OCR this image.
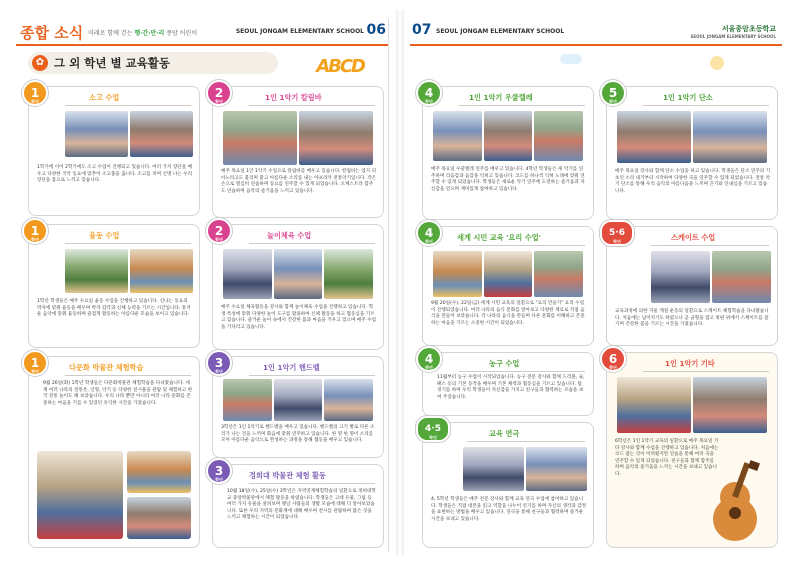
종합 소식 미래로 함께 걷는 행·간·만·리 종암 어린이	SEOUL JONGAM ELEMENTARY SCHOOL 06
✿ 그 외 학년 별 교육활동	ABCD
소고 수업
1학기에 이어 2학기에도 소고 수업이 진행되고 있습니다. 여러 가지 장단을 배우고 다양한 국악 동요에 맞추어 소고춤을 춥니다. 소고를 치며 신명 나는 우리 장단을 몸으로 느끼고 있습니다.
1
학년
율동 수업
1학년 학생들은 매주 수요일 율동 수업을 진행하고 있습니다. 신나는 동요의 박자에 맞춰 율동을 배우며 박자 감각과 신체 능력을 기르는 시간입니다. 흥겨운 음악에 맞춰 율동하며 즐겁게 활동하는 아름다운 모습을 보이고 있습니다.
1
학년
다문화 박물관 체험학습
9월 26일(화) 1학년 학생들은 다문화박물관 체험학습을 다녀왔습니다. 세계 여러 나라의 전통옷, 인형, 악기 등 다양한 전시물을 관람 및 체험하고 한국 전통 놀이도 해 보았습니다. 우리 나라 뿐만 아니라 여러 나라 문화를 존중하는 마음을 기를 수 있었던 유익한 시간을 가졌습니다.
1
학년
1인 1악기 칼림바
매주 목요일 1인 1악기 수업으로 칼림바를 배우고 있습니다. 칼림바는 엄지 피아노라고도 불리며 맑고 아름다운 소리를 내는 아프리카 전통악기입니다. 작은 손으로 열심히 연습하며 동요를 연주할 수 있게 되었습니다. 오케스트라 합주도 연습하며 음악의 즐거움을 느끼고 있습니다.
2
학년
놀이체육 수업
매주 수요일 체육활동을 강사와 함께 놀이체육 수업을 진행하고 있습니다. 학생 특성에 맞춰 다양한 놀이 도구를 활용하여 신체 활동을 하고 협동심을 기르고 있습니다. 즐거운 놀이 속에서 건강한 몸과 마음을 키우고 있으며 매주 수업을 기다리고 있습니다.
2
학년
1인 1악기 핸드벨
3학년은 1인 1악기로 핸드벨을 배우고 있습니다. 핸드벨의 크기 별로 다른 소리가 나는 것을 느끼며 화음에 맞춰 연주하고 있습니다. 한 명 한 명이 소리를 모아 아름다운 음악으로 완성하는 과정을 통해 협동을 배우고 있습니다.
3
학년
경희대 박물관 체험 활동
10월 18일(수), 25일(수) 3학년은 지역연계체험학습의 일환으로 경희대학교 중앙박물관에서 체험 활동을 하였습니다. 학생들은 고대 유물, 그림 등 여러 가지 유물을 살펴보며 옛날 사람들의 생활 모습에 대해 더 알아보았습니다. 또한 우리 지역의 문화재에 대해 배우며 전시를 관람하며 많은 것을 느끼고 체험하는 시간이 되었습니다.
3
학년
07 SEOUL JONGAM ELEMENTARY SCHOOL	서울종암초등학교
SEOUL JONGAM ELEMENTARY SCHOOL
1인 1악기 우쿨렐레
매주 목요일 우쿨렐레 연주를 배우고 있습니다. 4학년 학생들은 새 악기를 연주하며 리듬감과 음감을 익히고 있습니다. 코드를 하나씩 익혀 노래에 맞춰 연주할 수 있게 되었습니다. 학생들은 새로운 악기 연주에 도전하는 즐거움과 자신감을 얻으며 재미있게 참여하고 있습니다.
4
학년
세계 시민 교육 '요리 수업'
9월 20일(수), 22일(금) 세계 시민 교육의 일환으로 "요리 만들기" 요리 수업이 진행되었습니다. 여러 나라의 음식 문화를 알아보고 다양한 재료로 직접 음식을 만들어 보았습니다. 각 나라의 음식을 만들며 다른 문화를 이해하고 존중하는 마음을 기르는 소중한 시간이 되었습니다.
4
학년
농구 수업
11월부터 농구 수업이 시작되었습니다. 농구 전문 강사와 함께 드리블, 슛, 패스 등의 기본 동작을 배우며 기본 체력과 협동심을 기르고 있습니다. 팀 경기를 하며 우리 학생들이 자신감을 가지고 친구들과 협력하는 모습을 보여 주었습니다.
4
학년
교육 연극
4, 5학년 학생들은 매주 전문 강사와 함께 교육 연극 수업에 참여하고 있습니다. 학생들은 직접 대본을 읽고 역할을 나누어 연기를 하며 자신의 생각과 감정을 표현하는 방법을 배우고 있습니다. 연극을 통해 친구들과 협력하며 즐거운 시간을 보내고 있습니다.
4·5
학년
1인 1악기 단소
매주 목요일 강사와 함께 단소 수업을 하고 있습니다. 학생들은 단소 연주의 기초인 소리 내기부터 시작하여 다양한 곡을 연주할 수 있게 되었습니다. 전통 악기 단소를 통해 우리 음악의 아름다움을 느끼며 끈기와 인내심을 기르고 있습니다.
5
학년
스케이트 수업
교육과정에 의한 겨울 계절 운동의 일환으로 스케이트 체험학습을 다녀왔습니다. 처음에는 넘어지기도 하였으나 곧 균형을 잡고 빙판 위에서 스케이트를 즐기며 건강한 몸을 기르는 시간을 가졌습니다.
5·6
학년
1인 1악기 기타
6학년은 1인 1악기 교육의 일환으로 매주 목요일 기타 강사와 함께 수업을 진행하고 있습니다. 처음에는 코드 잡는 것이 어려웠지만 연습을 통해 여러 곡을 연주할 수 있게 되었습니다. 친구들과 함께 합주를 하며 음악의 즐거움을 느끼는 시간을 보내고 있습니다.
6
학년
